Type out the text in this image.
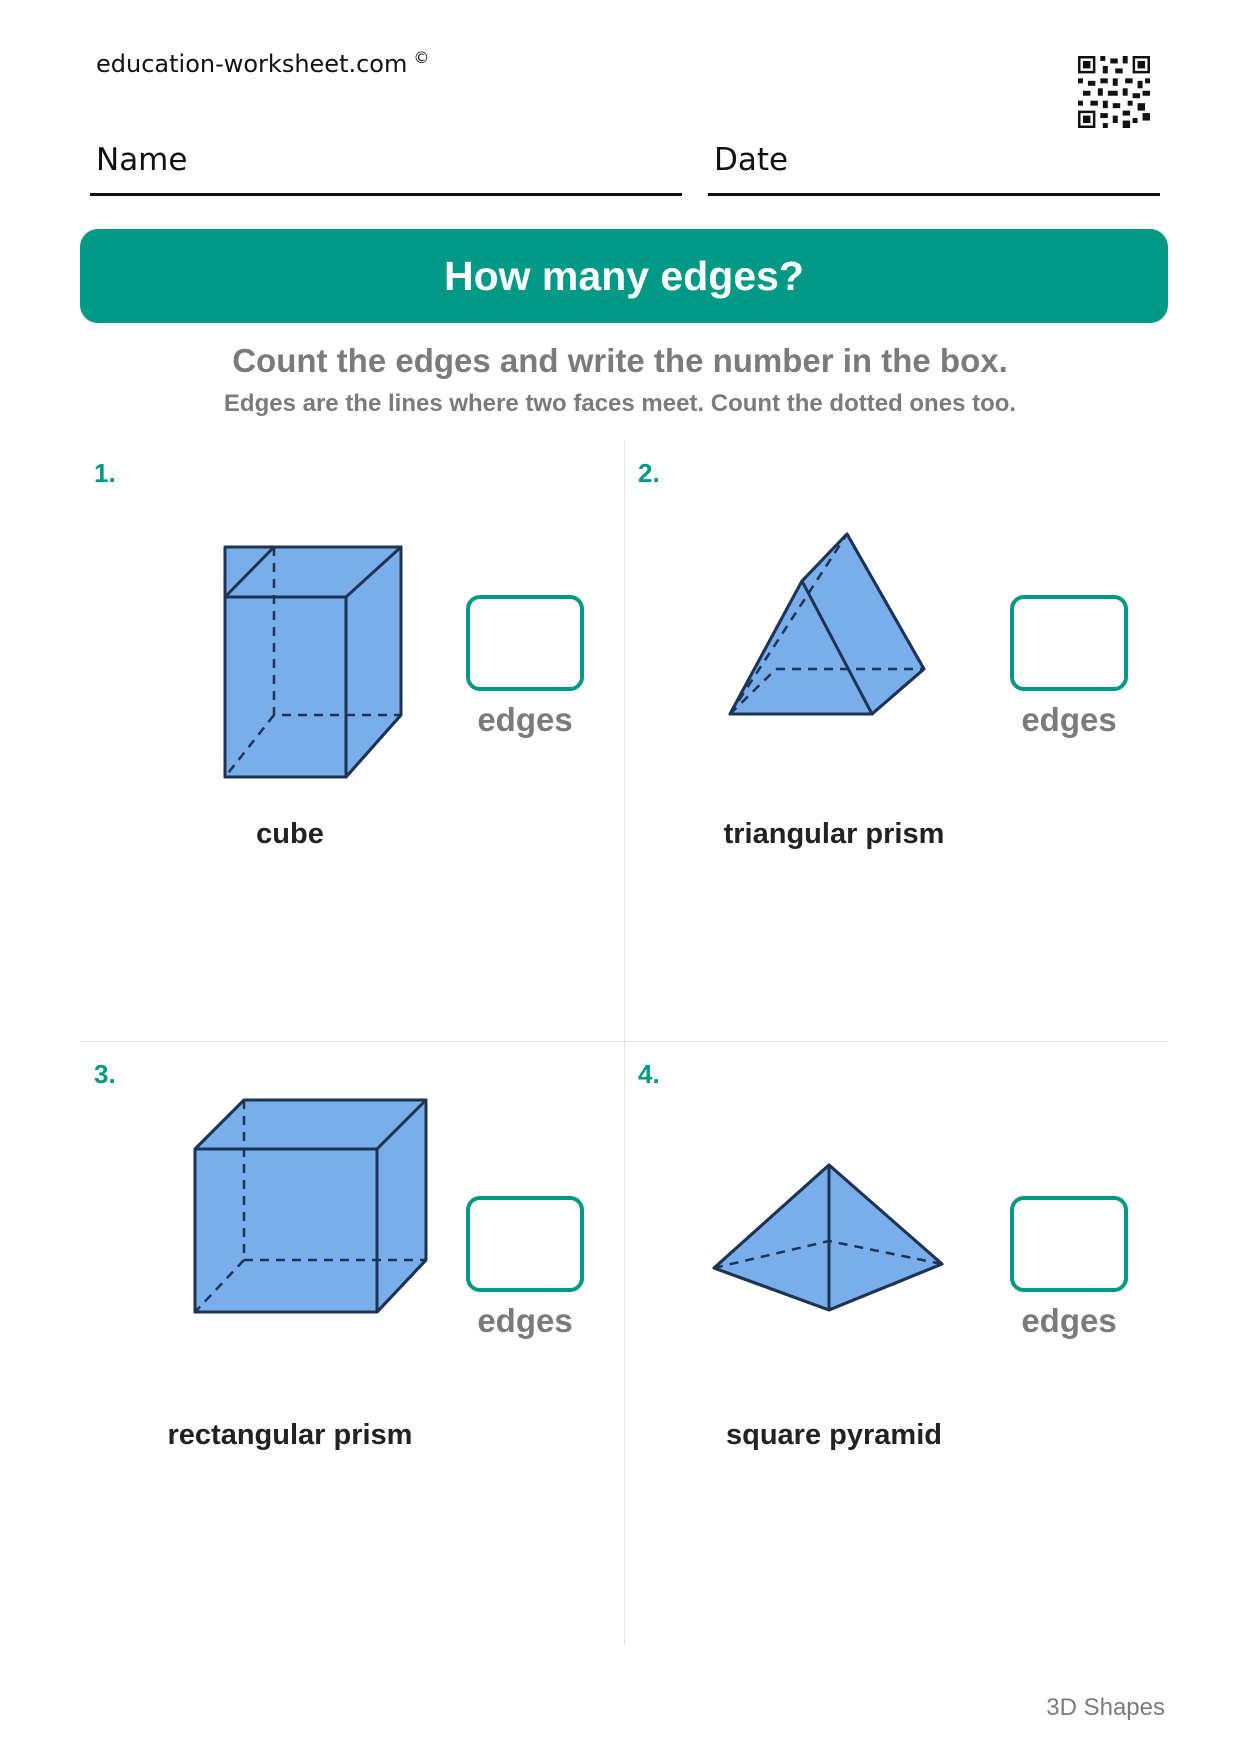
education-worksheet.com ©
Name	Date
How many edges?
Count the edges and write the number in the box.
Edges are the lines where two faces meet. Count the dotted ones too.
1.
edges
cube
2.
edges
triangular prism
3.
edges
rectangular prism
4.
edges
square pyramid
3D Shapes
